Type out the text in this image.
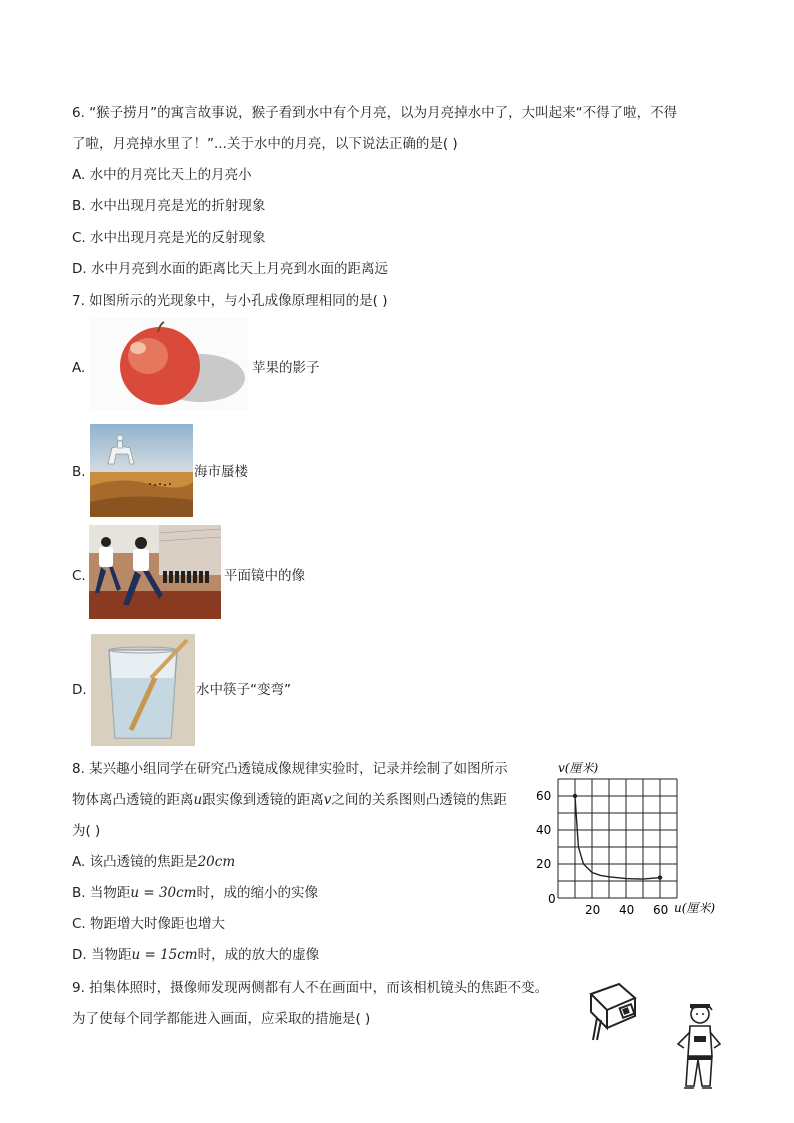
6. “猴子捞月”的寓言故事说，猴子看到水中有个月亮，以为月亮掉水中了，大叫起来“不得了啦，不得
了啦，月亮掉水里了！”...关于水中的月亮，以下说法正确的是( )
A. 水中的月亮比天上的月亮小
B. 水中出现月亮是光的折射现象
C. 水中出现月亮是光的反射现象
D. 水中月亮到水面的距离比天上月亮到水面的距离远
7. 如图所示的光现象中，与小孔成像原理相同的是( )
A.	苹果的影子
B.	海市蜃楼
C.	平面镜中的像
D.	水中筷子“变弯”
8. 某兴趣小组同学在研究凸透镜成像规律实验时，记录并绘制了如图所示
物体离凸透镜的距离u跟实像到透镜的距离v之间的关系图则凸透镜的焦距
为( )
A. 该凸透镜的焦距是20cm
B. 当物距u = 30cm时，成的缩小的实像
C. 物距增大时像距也增大
D. 当物距u = 15cm时，成的放大的虚像
v(厘米)
u(厘米)
0
20 40 60
60
40
20
9. 拍集体照时，摄像师发现两侧都有人不在画面中，而该相机镜头的焦距不变。
为了使每个同学都能进入画面，应采取的措施是( )
